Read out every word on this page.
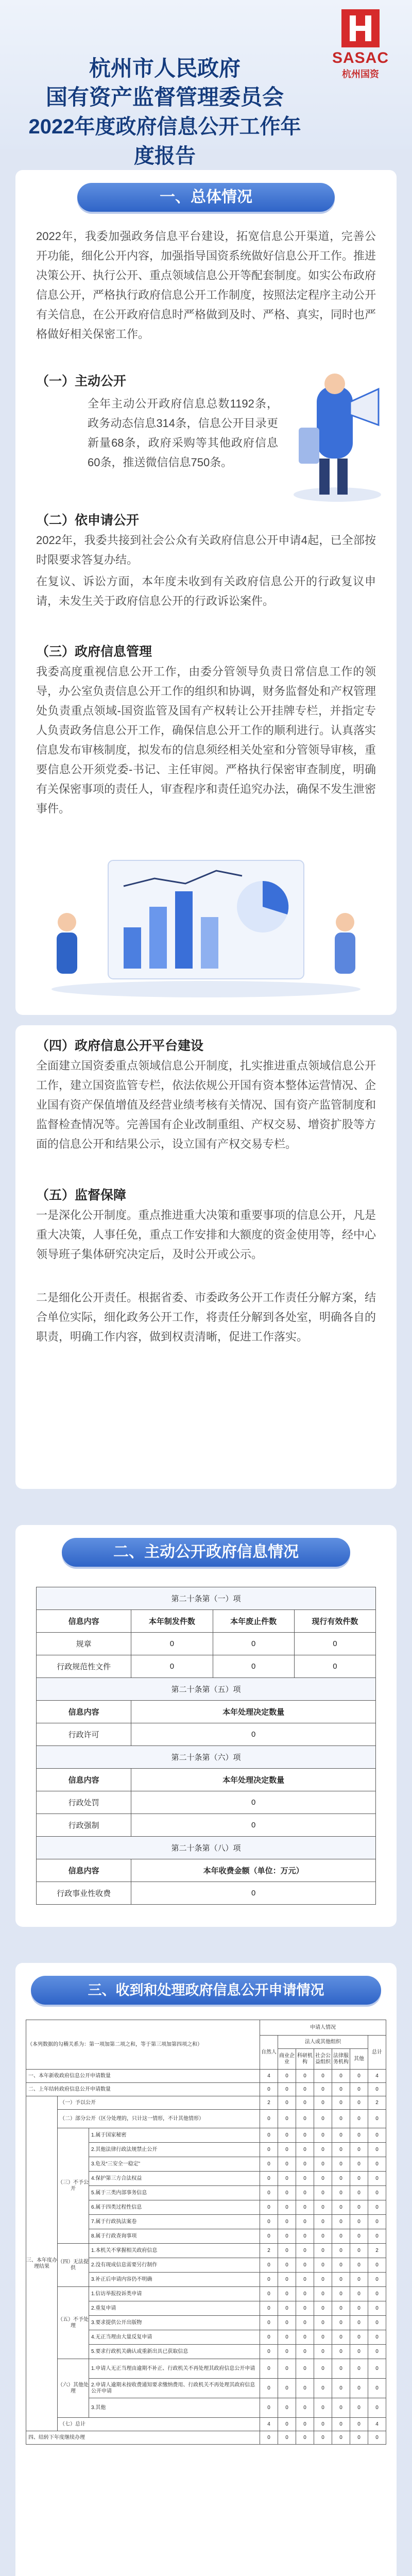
SASAC
杭州国资
杭州市人民政府
国有资产监督管理委员会
2022年度政府信息公开工作年度报告
一、总体情况
2022年，我委加强政务信息平台建设，拓宽信息公开渠道，完善公开功能，细化公开内容，加强指导国资系统做好信息公开工作。推进决策公开、执行公开、重点领域信息公开等配套制度。如实公布政府信息公开，严格执行政府信息公开工作制度，按照法定程序主动公开有关信息，在公开政府信息时严格做到及时、严格、真实，同时也严格做好相关保密工作。
（一）主动公开
全年主动公开政府信息总数1192条，政务动态信息314条，信息公开目录更新量68条，政府采购等其他政府信息60条，推送微信信息750条。
（二）依申请公开
2022年，我委共接到社会公众有关政府信息公开申请4起，已全部按时限要求答复办结。
在复议、诉讼方面，本年度未收到有关政府信息公开的行政复议申请，未发生关于政府信息公开的行政诉讼案件。
（三）政府信息管理
我委高度重视信息公开工作，由委分管领导负责日常信息工作的领导，办公室负责信息公开工作的组织和协调，财务监督处和产权管理处负责重点领域-国资监管及国有产权转让公开挂牌专栏，并指定专人负责政务信息公开工作，确保信息公开工作的顺利进行。认真落实信息发布审核制度，拟发布的信息须经相关处室和分管领导审核，重要信息公开须党委-书记、主任审阅。严格执行保密审查制度，明确有关保密事项的责任人，审查程序和责任追究办法，确保不发生泄密事件。
（四）政府信息公开平台建设
全面建立国资委重点领域信息公开制度，扎实推进重点领域信息公开工作，建立国资监管专栏，依法依规公开国有资本整体运营情况、企业国有资产保值增值及经营业绩考核有关情况、国有资产监管制度和监督检查情况等。完善国有企业改制重组、产权交易、增资扩股等方面的信息公开和结果公示，设立国有产权交易专栏。
（五）监督保障
一是深化公开制度。重点推进重大决策和重要事项的信息公开，凡是重大决策，人事任免，重点工作安排和大额度的资金使用等，经中心领导班子集体研究决定后，及时公开或公示。
二是细化公开责任。根据省委、市委政务公开工作责任分解方案，结合单位实际，细化政务公开工作，将责任分解到各处室，明确各自的职责，明确工作内容，做到权责清晰，促进工作落实。
二、主动公开政府信息情况
第二十条第（一）项			
信息内容	本年制发件数	本年废止件数	现行有效件数
规章	0	0	0
行政规范性文件	0	0	0
第二十条第（五）项			
信息内容	本年处理决定数量		
行政许可	0		
第二十条第（六）项			
信息内容	本年处理决定数量		
行政处罚	0		
行政强制	0		
第二十条第（八）项			
信息内容	本年收费金额（单位：万元）		
行政事业性收费	0		
三、收到和处理政府信息公开申请情况
（本列数据的勾稽关系为：第一项加第二项之和，等于第三项加第四项之和）			申请人情况						
			自然人	法人或其他组织					总计
				商业企业	科研机构	社会公益组织	法律服务机构	其他	
一、本年新收政府信息公开申请数量			4	0	0	0	0	0	4
二、上年结转政府信息公开申请数量			0	0	0	0	0	0	0
三、本年度办理结果	（一）予以公开		2	0	0	0	0	0	2
	（二）部分公开（区分处理的，只计这一情形，不计其他情形）		0	0	0	0	0	0	0
	（三）不予公开	1.属于国家秘密	0	0	0	0	0	0	0
		2.其他法律行政法规禁止公开	0	0	0	0	0	0	0
		3.危及“三安全一稳定”	0	0	0	0	0	0	0
		4.保护第三方合法权益	0	0	0	0	0	0	0
		5.属于三类内部事务信息	0	0	0	0	0	0	0
		6.属于四类过程性信息	0	0	0	0	0	0	0
		7.属于行政执法案卷	0	0	0	0	0	0	0
		8.属于行政查询事项	0	0	0	0	0	0	0
	（四）无法提供	1.本机关不掌握相关政府信息	2	0	0	0	0	0	2
		2.没有现成信息需要另行制作	0	0	0	0	0	0	0
		3.补正后申请内容仍不明确	0	0	0	0	0	0	0
	（五）不予处理	1.信访举报投诉类申请	0	0	0	0	0	0	0
		2.重复申请	0	0	0	0	0	0	0
		3.要求提供公开出版物	0	0	0	0	0	0	0
		4.无正当理由大量反复申请	0	0	0	0	0	0	0
		5.要求行政机关确认或重新出具已获取信息	0	0	0	0	0	0	0
	（六）其他处理	1.申请人无正当理由逾期不补正、行政机关不再处理其政府信息公开申请	0	0	0	0	0	0	0
		2.申请人逾期未按收费通知要求缴纳费用、行政机关不再处理其政府信息公开申请	0	0	0	0	0	0	0
		3.其他	0	0	0	0	0	0	0
	（七）总计		4	0	0	0	0	0	4
四、结转下年度继续办理			0	0	0	0	0	0	0
